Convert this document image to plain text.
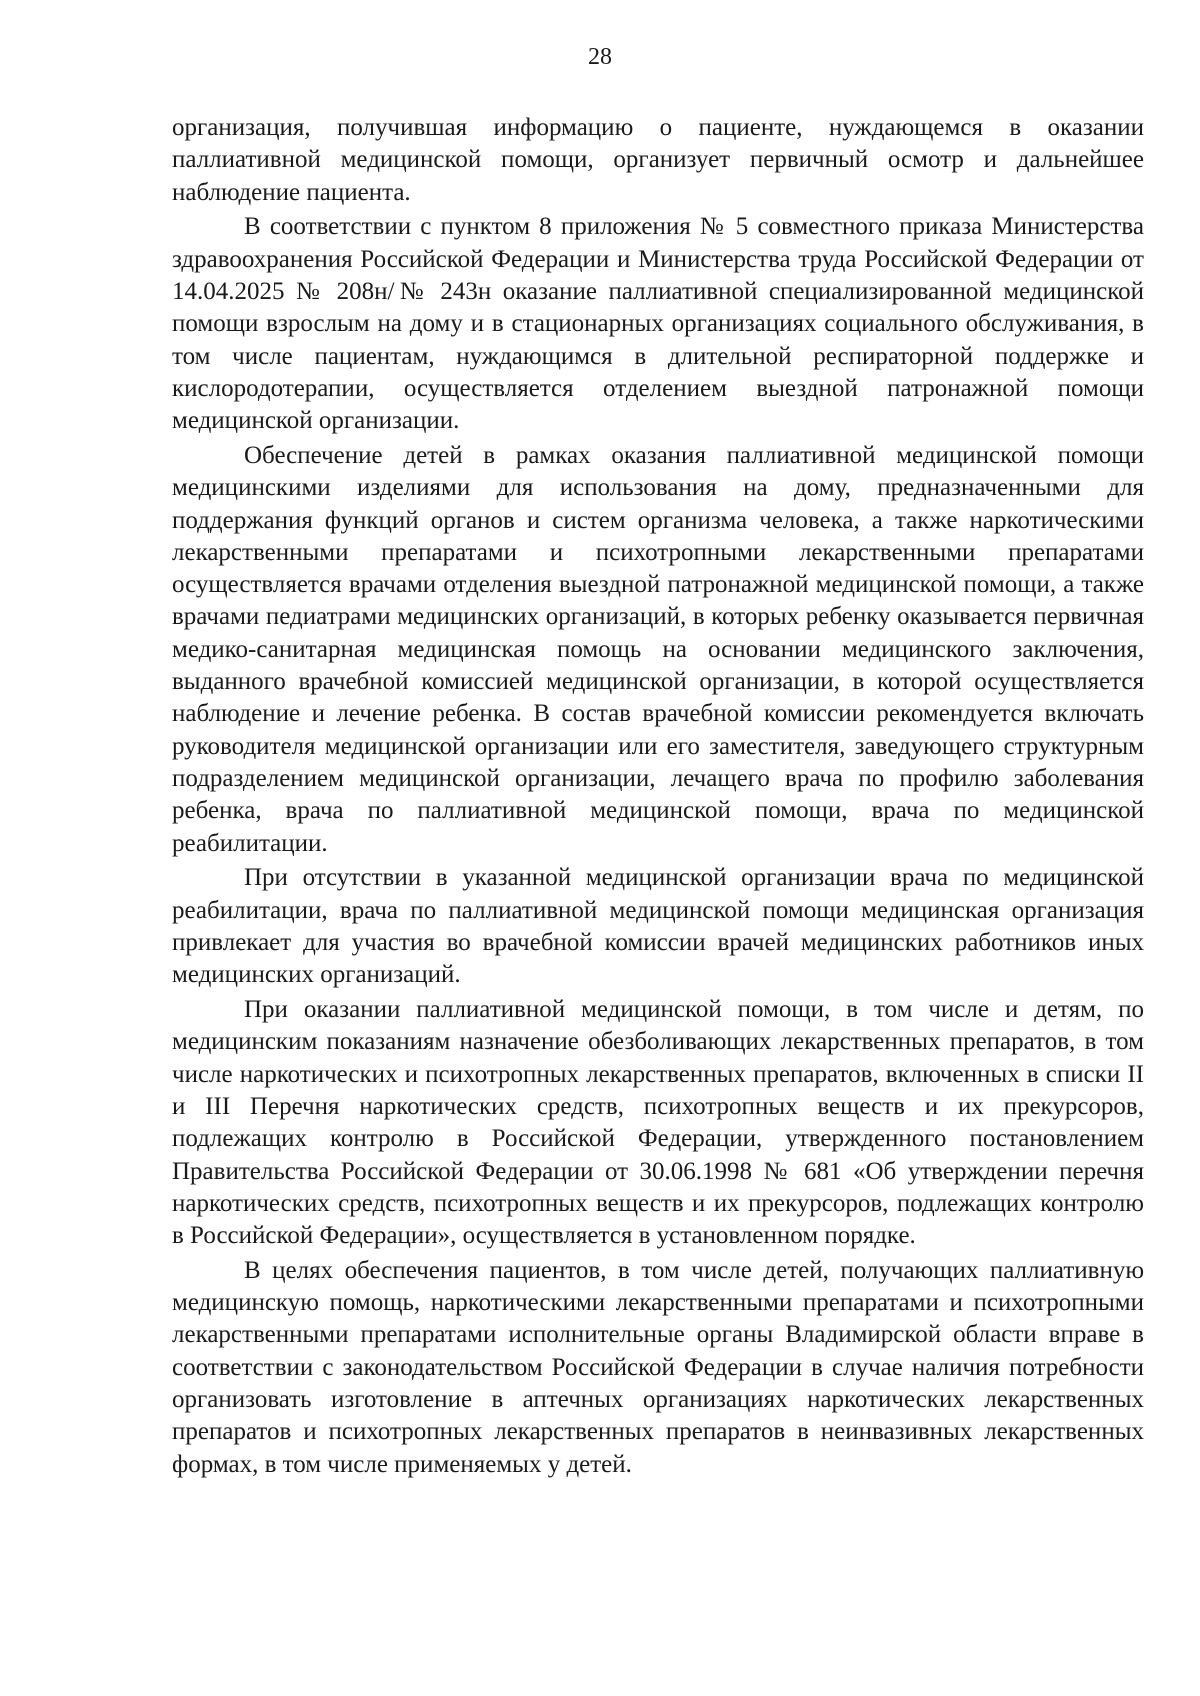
28

организация, получившая информацию о пациенте, нуждающемся в оказании паллиативной медицинской помощи, организует первичный осмотр и дальнейшее наблюдение пациента.

В соответствии с пунктом 8 приложения № 5 совместного приказа Министерства здравоохранения Российской Федерации и Министерства труда Российской Федерации от 14.04.2025 № 208н/№ 243н оказание паллиативной специализированной медицинской помощи взрослым на дому и в стационарных организациях социального обслуживания, в том числе пациентам, нуждающимся в длительной респираторной поддержке и кислородотерапии, осуществляется отделением выездной патронажной помощи медицинской организации.

Обеспечение детей в рамках оказания паллиативной медицинской помощи медицинскими изделиями для использования на дому, предназначенными для поддержания функций органов и систем организма человека, а также наркотическими лекарственными препаратами и психотропными лекарственными препаратами осуществляется врачами отделения выездной патронажной медицинской помощи, а также врачами педиатрами медицинских организаций, в которых ребенку оказывается первичная медико-санитарная медицинская помощь на основании медицинского заключения, выданного врачебной комиссией медицинской организации, в которой осуществляется наблюдение и лечение ребенка. В состав врачебной комиссии рекомендуется включать руководителя медицинской организации или его заместителя, заведующего структурным подразделением медицинской организации, лечащего врача по профилю заболевания ребенка, врача по паллиативной медицинской помощи, врача по медицинской реабилитации.

При отсутствии в указанной медицинской организации врача по медицинской реабилитации, врача по паллиативной медицинской помощи медицинская организация привлекает для участия во врачебной комиссии врачей медицинских работников иных медицинских организаций.

При оказании паллиативной медицинской помощи, в том числе и детям, по медицинским показаниям назначение обезболивающих лекарственных препаратов, в том числе наркотических и психотропных лекарственных препаратов, включенных в списки II и III Перечня наркотических средств, психотропных веществ и их прекурсоров, подлежащих контролю в Российской Федерации, утвержденного постановлением Правительства Российской Федерации от 30.06.1998 № 681 «Об утверждении перечня наркотических средств, психотропных веществ и их прекурсоров, подлежащих контролю в Российской Федерации», осуществляется в установленном порядке.

В целях обеспечения пациентов, в том числе детей, получающих паллиативную медицинскую помощь, наркотическими лекарственными препаратами и психотропными лекарственными препаратами исполнительные органы Владимирской области вправе в соответствии с законодательством Российской Федерации в случае наличия потребности организовать изготовление в аптечных организациях наркотических лекарственных препаратов и психотропных лекарственных препаратов в неинвазивных лекарственных формах, в том числе применяемых у детей.
